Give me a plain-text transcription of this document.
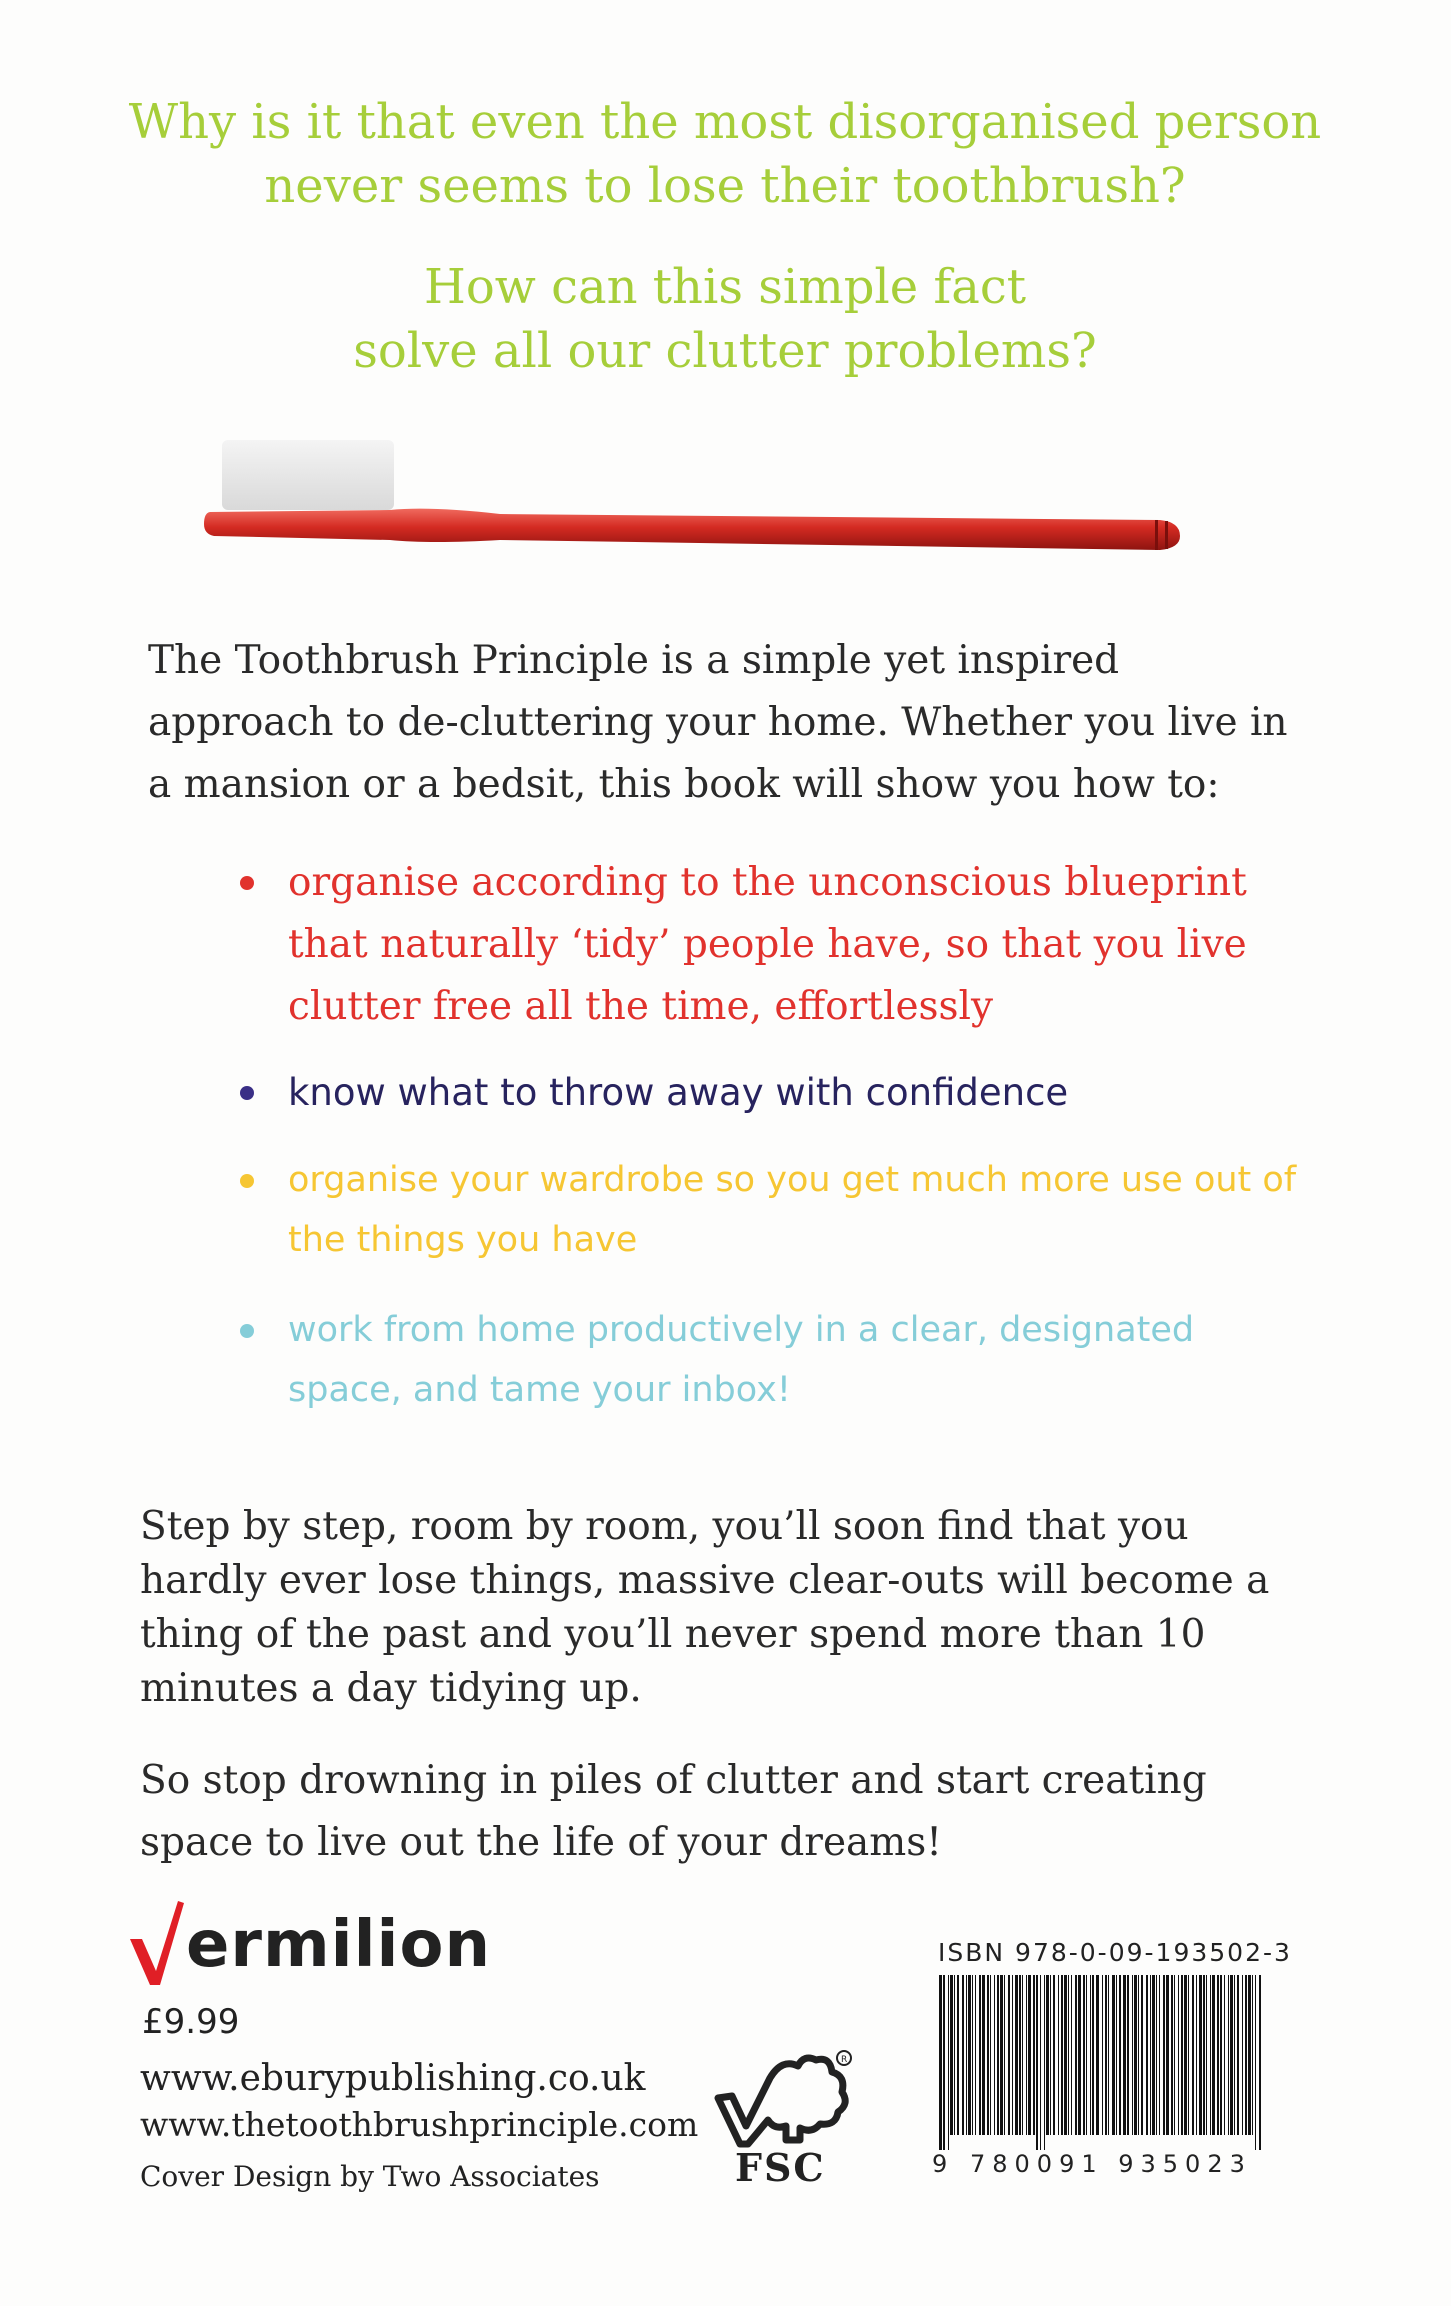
Why is it that even the most disorganised person
never seems to lose their toothbrush?
How can this simple fact
solve all our clutter problems?
The Toothbrush Principle is a simple yet inspired approach to de-cluttering your home. Whether you live in a mansion or a bedsit, this book will show you how to:
organise according to the unconscious blueprint that naturally ‘tidy’ people have, so that you live clutter free all the time, effortlessly
know what to throw away with confidence
organise your wardrobe so you get much more use out of the things you have
work from home productively in a clear, designated space, and tame your inbox!
Step by step, room by room, you’ll soon find that you hardly ever lose things, massive clear-outs will become a thing of the past and you’ll never spend more than 10 minutes a day tidying up.
So stop drowning in piles of clutter and start creating space to live out the life of your dreams!
ermilion
£9.99
www.eburypublishing.co.uk
www.thetoothbrushprinciple.com
Cover Design by Two Associates
R
FSC
ISBN 978-0-09-193502-3
9 780091 935023
